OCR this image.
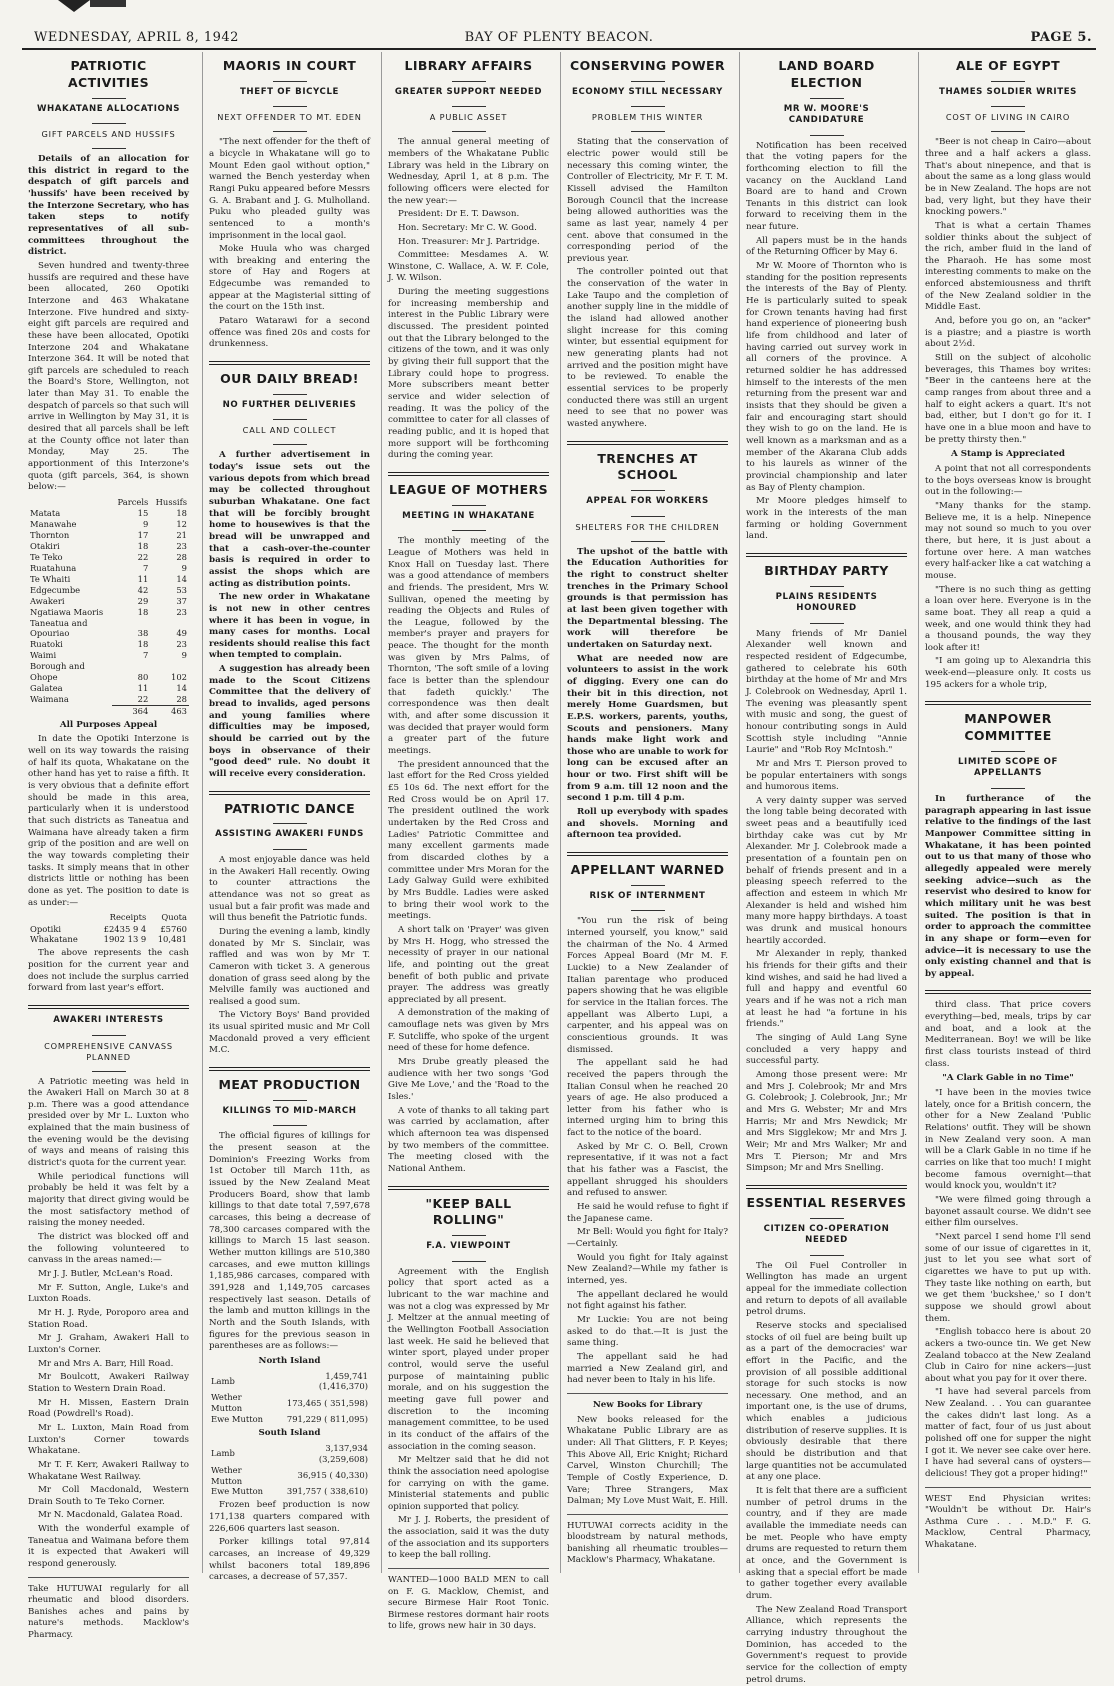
WEDNESDAY, APRIL 8, 1942	BAY OF PLENTY BEACON.	PAGE 5.
PATRIOTIC ACTIVITIES
WHAKATANE ALLOCATIONS
GIFT PARCELS AND HUSSIFS

Details of an allocation for this district in regard to the despatch of gift parcels and 'hussifs' have been received by the Interzone Secretary, who has taken steps to notify representatives of all sub-committees throughout the district.

Seven hundred and twenty-three hussifs are required and these have been allocated, 260 Opotiki Interzone and 463 Whakatane Interzone. Five hundred and sixty-eight gift parcels are required and these have been allocated, Opotiki Interzone 204 and Whakatane Interzone 364. It will be noted that gift parcels are scheduled to reach the Board's Store, Wellington, not later than May 31. To enable the despatch of parcels so that such will arrive in Wellington by May 31, it is desired that all parcels shall be left at the County office not later than Monday, May 25. The apportionment of this Interzone's quota (gift parcels, 364, is shown below:—

	Parcels	Hussifs
Matata	15	18
Manawahe	9	12
Thornton	17	21
Otakiri	18	23
Te Teko	22	28
Ruatahuna	7	9
Te Whaiti	11	14
Edgecumbe	42	53
Awakeri	29	37
Ngatiawa Maoris	18	23
Taneatua and		
Opouriao	38	49
Ruatoki	18	23
Waimi	7	9
Borough and		
Ohope	80	102
Galatea	11	14
Waimana	22	28
	364	463
All Purposes Appeal

In date the Opotiki Interzone is well on its way towards the raising of half its quota, Whakatane on the other hand has yet to raise a fifth. It is very obvious that a definite effort should be made in this area, particularly when it is understood that such districts as Taneatua and Waimana have already taken a firm grip of the position and are well on the way towards completing their tasks. It simply means that in other districts little or nothing has been done as yet. The position to date is as under:—

	Receipts	Quota
Opotiki	£2435 9 4	£5760
Whakatane	1902 13 9	10,481

The above represents the cash position for the current year and does not include the surplus carried forward from last year's effort.

AWAKERI INTERESTS
COMPREHENSIVE CANVASS PLANNED

A Patriotic meeting was held in the Awakeri Hall on March 30 at 8 p.m. There was a good attendance presided over by Mr L. Luxton who explained that the main business of the evening would be the devising of ways and means of raising this district's quota for the current year.

While periodical functions will probably be held it was felt by a majority that direct giving would be the most satisfactory method of raising the money needed.

The district was blocked off and the following volunteered to canvass in the areas named:—

Mr J. J. Butler, McLean's Road.

Mr F. Sutton, Angle, Luke's and Luxton Roads.

Mr H. J. Ryde, Poroporo area and Station Road.

Mr J. Graham, Awakeri Hall to Luxton's Corner.

Mr and Mrs A. Barr, Hill Road.

Mr Boulcott, Awakeri Railway Station to Western Drain Road.

Mr H. Missen, Eastern Drain Road (Powdrell's Road).

Mr L. Luxton, Main Road from Luxton's Corner towards Whakatane.

Mr T. F. Kerr, Awakeri Railway to Whakatane West Railway.

Mr Coll Macdonald, Western Drain South to Te Teko Corner.

Mr N. Macdonald, Galatea Road.

With the wonderful example of Taneatua and Waimana before them it is expected that Awakeri will respond generously.

Take HUTUWAI regularly for all rheumatic and blood disorders. Banishes aches and pains by nature's methods. Macklow's Pharmacy.

MAORIS IN COURT
THEFT OF BICYCLE
NEXT OFFENDER TO MT. EDEN

"The next offender for the theft of a bicycle in Whakatane will go to Mount Eden gaol without option," warned the Bench yesterday when Rangi Puku appeared before Messrs G. A. Brabant and J. G. Mulholland. Puku who pleaded guilty was sentenced to a month's imprisonment in the local gaol.

Moke Huula who was charged with breaking and entering the store of Hay and Rogers at Edgecumbe was remanded to appear at the Magisterial sitting of the court on the 15th inst.

Pataro Watarawi for a second offence was fined 20s and costs for drunkenness.

OUR DAILY BREAD!
NO FURTHER DELIVERIES
CALL AND COLLECT

A further advertisement in today's issue sets out the various depots from which bread may be collected throughout suburban Whakatane. One fact that will be forcibly brought home to housewives is that the bread will be unwrapped and that a cash-over-the-counter basis is required in order to assist the shops which are acting as distribution points.

The new order in Whakatane is not new in other centres where it has been in vogue, in many cases for months. Local residents should realise this fact when tempted to complain.

A suggestion has already been made to the Scout Citizens Committee that the delivery of bread to invalids, aged persons and young families where difficulties may be imposed, should be carried out by the boys in observance of their "good deed" rule. No doubt it will receive every consideration.

PATRIOTIC DANCE
ASSISTING AWAKERI FUNDS

A most enjoyable dance was held in the Awakeri Hall recently. Owing to counter attractions the attendance was not so great as usual but a fair profit was made and will thus benefit the Patriotic funds.

During the evening a lamb, kindly donated by Mr S. Sinclair, was raffled and was won by Mr T. Cameron with ticket 3. A generous donation of grass seed along by the Melville family was auctioned and realised a good sum.

The Victory Boys' Band provided its usual spirited music and Mr Coll Macdonald proved a very efficient M.C.

MEAT PRODUCTION
KILLINGS TO MID-MARCH

The official figures of killings for the present season at the Dominion's Freezing Works from 1st October till March 11th, as issued by the New Zealand Meat Producers Board, show that lamb killings to that date total 7,597,678 carcases, this being a decrease of 78,300 carcases compared with the killings to March 15 last season. Wether mutton killings are 510,380 carcases, and ewe mutton killings 1,185,986 carcases, compared with 391,928 and 1,149,705 carcases respectively last season. Details of the lamb and mutton killings in the North and the South Islands, with figures for the previous season in parentheses are as follows:—

North Island
Lamb	1,459,741 (1,416,370)
Wether Mutton	173,465 ( 351,598)
Ewe Mutton	791,229 ( 811,095)
South Island
Lamb	3,137,934 (3,259,608)
Wether Mutton	36,915 ( 40,330)
Ewe Mutton	391,757 ( 338,610)

Frozen beef production is now 171,138 quarters compared with 226,606 quarters last season.

Porker killings total 97,814 carcases, an increase of 49,329 whilst baconers total 189,896 carcases, a decrease of 57,357.

LIBRARY AFFAIRS
GREATER SUPPORT NEEDED
A PUBLIC ASSET

The annual general meeting of members of the Whakatane Public Library was held in the Library on Wednesday, April 1, at 8 p.m. The following officers were elected for the new year:—

President: Dr E. T. Dawson.

Hon. Secretary: Mr C. W. Good.

Hon. Treasurer: Mr J. Partridge.

Committee: Mesdames A. W. Winstone, C. Wallace, A. W. F. Cole, J. W. Wilson.

During the meeting suggestions for increasing membership and interest in the Public Library were discussed. The president pointed out that the Library belonged to the citizens of the town, and it was only by giving their full support that the Library could hope to progress. More subscribers meant better service and wider selection of reading. It was the policy of the committee to cater for all classes of reading public, and it is hoped that more support will be forthcoming during the coming year.

LEAGUE OF MOTHERS
MEETING IN WHAKATANE

The monthly meeting of the League of Mothers was held in Knox Hall on Tuesday last. There was a good attendance of members and friends. The president, Mrs W. Sullivan, opened the meeting by reading the Objects and Rules of the League, followed by the member's prayer and prayers for peace. The thought for the month was given by Mrs Palms, of Thornton, 'The soft smile of a loving face is better than the splendour that fadeth quickly.' The correspondence was then dealt with, and after some discussion it was decided that prayer would form a greater part of the future meetings.

The president announced that the last effort for the Red Cross yielded £5 10s 6d. The next effort for the Red Cross would be on April 17. The president outlined the work undertaken by the Red Cross and Ladies' Patriotic Committee and many excellent garments made from discarded clothes by a committee under Mrs Moran for the Lady Galway Guild were exhibited by Mrs Buddle. Ladies were asked to bring their wool work to the meetings.

A short talk on 'Prayer' was given by Mrs H. Hogg, who stressed the necessity of prayer in our national life, and pointing out the great benefit of both public and private prayer. The address was greatly appreciated by all present.

A demonstration of the making of camouflage nets was given by Mrs F. Sutcliffe, who spoke of the urgent need of these for home defence.

Mrs Drube greatly pleased the audience with her two songs 'God Give Me Love,' and the 'Road to the Isles.'

A vote of thanks to all taking part was carried by acclamation, after which afternoon tea was dispensed by two members of the committee. The meeting closed with the National Anthem.

"KEEP BALL ROLLING"
F.A. VIEWPOINT

Agreement with the English policy that sport acted as a lubricant to the war machine and was not a clog was expressed by Mr J. Meltzer at the annual meeting of the Wellington Football Association last week. He said he believed that winter sport, played under proper control, would serve the useful purpose of maintaining public morale, and on his suggestion the meeting gave full power and discretion to the incoming management committee, to be used in its conduct of the affairs of the association in the coming season.

Mr Meltzer said that he did not think the association need apologise for carrying on with the game. Ministerial statements and public opinion supported that policy.

Mr J. J. Roberts, the president of the association, said it was the duty of the association and its supporters to keep the ball rolling.

WANTED—1000 BALD MEN to call on F. G. Macklow, Chemist, and secure Birmese Hair Root Tonic. Birmese restores dormant hair roots to life, grows new hair in 30 days.

CONSERVING POWER
ECONOMY STILL NECESSARY
PROBLEM THIS WINTER

Stating that the conservation of electric power would still be necessary this coming winter, the Controller of Electricity, Mr F. T. M. Kissell advised the Hamilton Borough Council that the increase being allowed authorities was the same as last year, namely 4 per cent. above that consumed in the corresponding period of the previous year.

The controller pointed out that the conservation of the water in Lake Taupo and the completion of another supply line in the middle of the island had allowed another slight increase for this coming winter, but essential equipment for new generating plants had not arrived and the position might have to be reviewed. To enable the essential services to be properly conducted there was still an urgent need to see that no power was wasted anywhere.

TRENCHES AT SCHOOL
APPEAL FOR WORKERS
SHELTERS FOR THE CHILDREN

The upshot of the battle with the Education Authorities for the right to construct shelter trenches in the Primary School grounds is that permission has at last been given together with the Departmental blessing. The work will therefore be undertaken on Saturday next.

What are needed now are volunteers to assist in the work of digging. Every one can do their bit in this direction, not merely Home Guardsmen, but E.P.S. workers, parents, youths, Scouts and pensioners. Many hands make light work and those who are unable to work for long can be excused after an hour or two. First shift will be from 9 a.m. till 12 noon and the second 1 p.m. till 4 p.m.

Roll up everybody with spades and shovels. Morning and afternoon tea provided.

APPELLANT WARNED
RISK OF INTERNMENT

"You run the risk of being interned yourself, you know," said the chairman of the No. 4 Armed Forces Appeal Board (Mr M. F. Luckie) to a New Zealander of Italian parentage who produced papers showing that he was eligible for service in the Italian forces. The appellant was Alberto Lupi, a carpenter, and his appeal was on conscientious grounds. It was dismissed.

The appellant said he had received the papers through the Italian Consul when he reached 20 years of age. He also produced a letter from his father who is interned urging him to bring this fact to the notice of the board.

Asked by Mr C. O. Bell, Crown representative, if it was not a fact that his father was a Fascist, the appellant shrugged his shoulders and refused to answer.

He said he would refuse to fight if the Japanese came.

Mr Bell: Would you fight for Italy?—Certainly.

Would you fight for Italy against New Zealand?—While my father is interned, yes.

The appellant declared he would not fight against his father.

Mr Luckie: You are not being asked to do that.—It is just the same thing.

The appellant said he had married a New Zealand girl, and had never been to Italy in his life.

New Books for Library

New books released for the Whakatane Public Library are as under: All That Glitters, F. P. Keyes; This Above All, Eric Knight; Richard Carvel, Winston Churchill; The Temple of Costly Experience, D. Vare; Three Strangers, Max Dalman; My Love Must Wait, E. Hill.

HUTUWAI corrects acidity in the bloodstream by natural methods, banishing all rheumatic troubles—Macklow's Pharmacy, Whakatane.

LAND BOARD ELECTION
MR W. MOORE'S CANDIDATURE

Notification has been received that the voting papers for the forthcoming election to fill the vacancy on the Auckland Land Board are to hand and Crown Tenants in this district can look forward to receiving them in the near future.

All papers must be in the hands of the Returning Officer by May 6.

Mr W. Moore of Thornton who is standing for the position represents the interests of the Bay of Plenty. He is particularly suited to speak for Crown tenants having had first hand experience of pioneering bush life from childhood and later of having carried out survey work in all corners of the province. A returned soldier he has addressed himself to the interests of the men returning from the present war and insists that they should be given a fair and encouraging start should they wish to go on the land. He is well known as a marksman and as a member of the Akarana Club adds to his laurels as winner of the provincial championship and later as Bay of Plenty champion.

Mr Moore pledges himself to work in the interests of the man farming or holding Government land.

BIRTHDAY PARTY
PLAINS RESIDENTS HONOURED

Many friends of Mr Daniel Alexander well known and respected resident of Edgecumbe, gathered to celebrate his 60th birthday at the home of Mr and Mrs J. Colebrook on Wednesday, April 1. The evening was pleasantly spent with music and song, the guest of honour contributing songs in Auld Scottish style including "Annie Laurie" and "Rob Roy McIntosh."

Mr and Mrs T. Pierson proved to be popular entertainers with songs and humorous items.

A very dainty supper was served the long table being decorated with sweet peas and a beautifully iced birthday cake was cut by Mr Alexander. Mr J. Colebrook made a presentation of a fountain pen on behalf of friends present and in a pleasing speech referred to the affection and esteem in which Mr Alexander is held and wished him many more happy birthdays. A toast was drunk and musical honours heartily accorded.

Mr Alexander in reply, thanked his friends for their gifts and their kind wishes, and said he had lived a full and happy and eventful 60 years and if he was not a rich man at least he had "a fortune in his friends."

The singing of Auld Lang Syne concluded a very happy and successful party.

Among those present were: Mr and Mrs J. Colebrook; Mr and Mrs G. Colebrook; J. Colebrook, Jnr.; Mr and Mrs G. Webster; Mr and Mrs Harris; Mr and Mrs Newdick; Mr and Mrs Sigglekow; Mr and Mrs J. Weir; Mr and Mrs Walker; Mr and Mrs T. Pierson; Mr and Mrs Simpson; Mr and Mrs Snelling.

ESSENTIAL RESERVES
CITIZEN CO-OPERATION NEEDED

The Oil Fuel Controller in Wellington has made an urgent appeal for the immediate collection and return to depots of all available petrol drums.

Reserve stocks and specialised stocks of oil fuel are being built up as a part of the democracies' war effort in the Pacific, and the provision of all possible additional storage for such stocks is now necessary. One method, and an important one, is the use of drums, which enables a judicious distribution of reserve supplies. It is obviously desirable that there should be distribution and that large quantities not be accumulated at any one place.

It is felt that there are a sufficient number of petrol drums in the country, and if they are made available the immediate needs can be met. People who have empty drums are requested to return them at once, and the Government is asking that a special effort be made to gather together every available drum.

The New Zealand Road Transport Alliance, which represents the carrying industry throughout the Dominion, has acceded to the Government's request to provide service for the collection of empty petrol drums.

ALE OF EGYPT
THAMES SOLDIER WRITES
COST OF LIVING IN CAIRO

"Beer is not cheap in Cairo—about three and a half ackers a glass. That's about ninepence, and that is about the same as a long glass would be in New Zealand. The hops are not bad, very light, but they have their knocking powers."

That is what a certain Thames soldier thinks about the subject of the rich, amber fluid in the land of the Pharaoh. He has some most interesting comments to make on the enforced abstemiousness and thrift of the New Zealand soldier in the Middle East.

And, before you go on, an "acker" is a piastre; and a piastre is worth about 2½d.

Still on the subject of alcoholic beverages, this Thames boy writes: "Beer in the canteens here at the camp ranges from about three and a half to eight ackers a quart. It's not bad, either, but I don't go for it. I have one in a blue moon and have to be pretty thirsty then."

A Stamp is Appreciated

A point that not all correspondents to the boys overseas know is brought out in the following:—

"Many thanks for the stamp. Believe me, it is a help. Ninepence may not sound so much to you over there, but here, it is just about a fortune over here. A man watches every half-acker like a cat watching a mouse.

"There is no such thing as getting a loan over here. Everyone is in the same boat. They all reap a quid a week, and one would think they had a thousand pounds, the way they look after it!

"I am going up to Alexandria this week-end—pleasure only. It costs us 195 ackers for a whole trip,

MANPOWER COMMITTEE
LIMITED SCOPE OF APPELLANTS

In furtherance of the paragraph appearing in last issue relative to the findings of the last Manpower Committee sitting in Whakatane, it has been pointed out to us that many of those who allegedly appealed were merely seeking advice—such as the reservist who desired to know for which military unit he was best suited. The position is that in order to approach the committee in any shape or form—even for advice—it is necessary to use the only existing channel and that is by appeal.

third class. That price covers everything—bed, meals, trips by car and boat, and a look at the Mediterranean. Boy! we will be like first class tourists instead of third class.

"A Clark Gable in no Time"

"I have been in the movies twice lately, once for a British concern, the other for a New Zealand 'Public Relations' outfit. They will be shown in New Zealand very soon. A man will be a Clark Gable in no time if he carries on like that too much! I might become famous overnight—that would knock you, wouldn't it?

"We were filmed going through a bayonet assault course. We didn't see either film ourselves.

"Next parcel I send home I'll send some of our issue of cigarettes in it, just to let you see what sort of cigarettes we have to put up with. They taste like nothing on earth, but we get them 'buckshee,' so I don't suppose we should growl about them.

"English tobacco here is about 20 ackers a two-ounce tin. We get New Zealand tobacco at the New Zealand Club in Cairo for nine ackers—just about what you pay for it over there.

"I have had several parcels from New Zealand. . . You can guarantee the cakes didn't last long. As a matter of fact, four of us just about polished off one for supper the night I got it. We never see cake over here. I have had several cans of oysters—delicious! They got a proper hiding!"

WEST End Physician writes: "Wouldn't be without Dr. Hair's Asthma Cure . . . M.D." F. G. Macklow, Central Pharmacy, Whakatane.
